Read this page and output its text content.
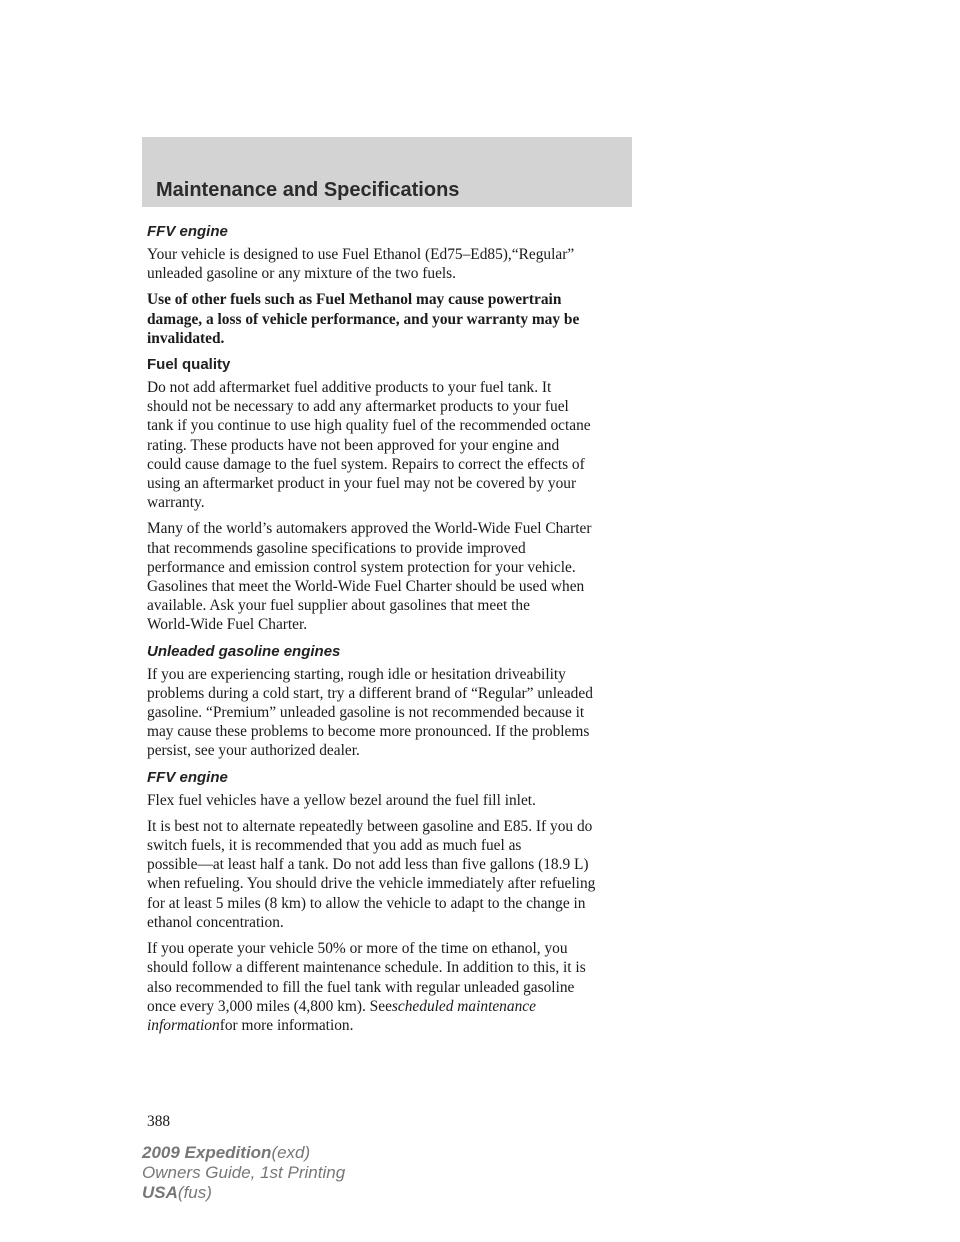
Maintenance and Specifications
FFV engine
Your vehicle is designed to use Fuel Ethanol (Ed75–Ed85),“Regular”
unleaded gasoline or any mixture of the two fuels.
Use of other fuels such as Fuel Methanol may cause powertrain
damage, a loss of vehicle performance, and your warranty may be
invalidated.
Fuel quality
Do not add aftermarket fuel additive products to your fuel tank. It
should not be necessary to add any aftermarket products to your fuel
tank if you continue to use high quality fuel of the recommended octane
rating. These products have not been approved for your engine and
could cause damage to the fuel system. Repairs to correct the effects of
using an aftermarket product in your fuel may not be covered by your
warranty.
Many of the world’s automakers approved the World-Wide Fuel Charter
that recommends gasoline specifications to provide improved
performance and emission control system protection for your vehicle.
Gasolines that meet the World-Wide Fuel Charter should be used when
available. Ask your fuel supplier about gasolines that meet the
World-Wide Fuel Charter.
Unleaded gasoline engines
If you are experiencing starting, rough idle or hesitation driveability
problems during a cold start, try a different brand of “Regular” unleaded
gasoline. “Premium” unleaded gasoline is not recommended because it
may cause these problems to become more pronounced. If the problems
persist, see your authorized dealer.
FFV engine
Flex fuel vehicles have a yellow bezel around the fuel fill inlet.
It is best not to alternate repeatedly between gasoline and E85. If you do
switch fuels, it is recommended that you add as much fuel as
possible—at least half a tank. Do not add less than five gallons (18.9 L)
when refueling. You should drive the vehicle immediately after refueling
for at least 5 miles (8 km) to allow the vehicle to adapt to the change in
ethanol concentration.
If you operate your vehicle 50% or more of the time on ethanol, you
should follow a different maintenance schedule. In addition to this, it is
also recommended to fill the fuel tank with regular unleaded gasoline
once every 3,000 miles (4,800 km). Seescheduled maintenance
informationfor more information.
388
2009 Expedition(exd)
Owners Guide, 1st Printing
USA(fus)
